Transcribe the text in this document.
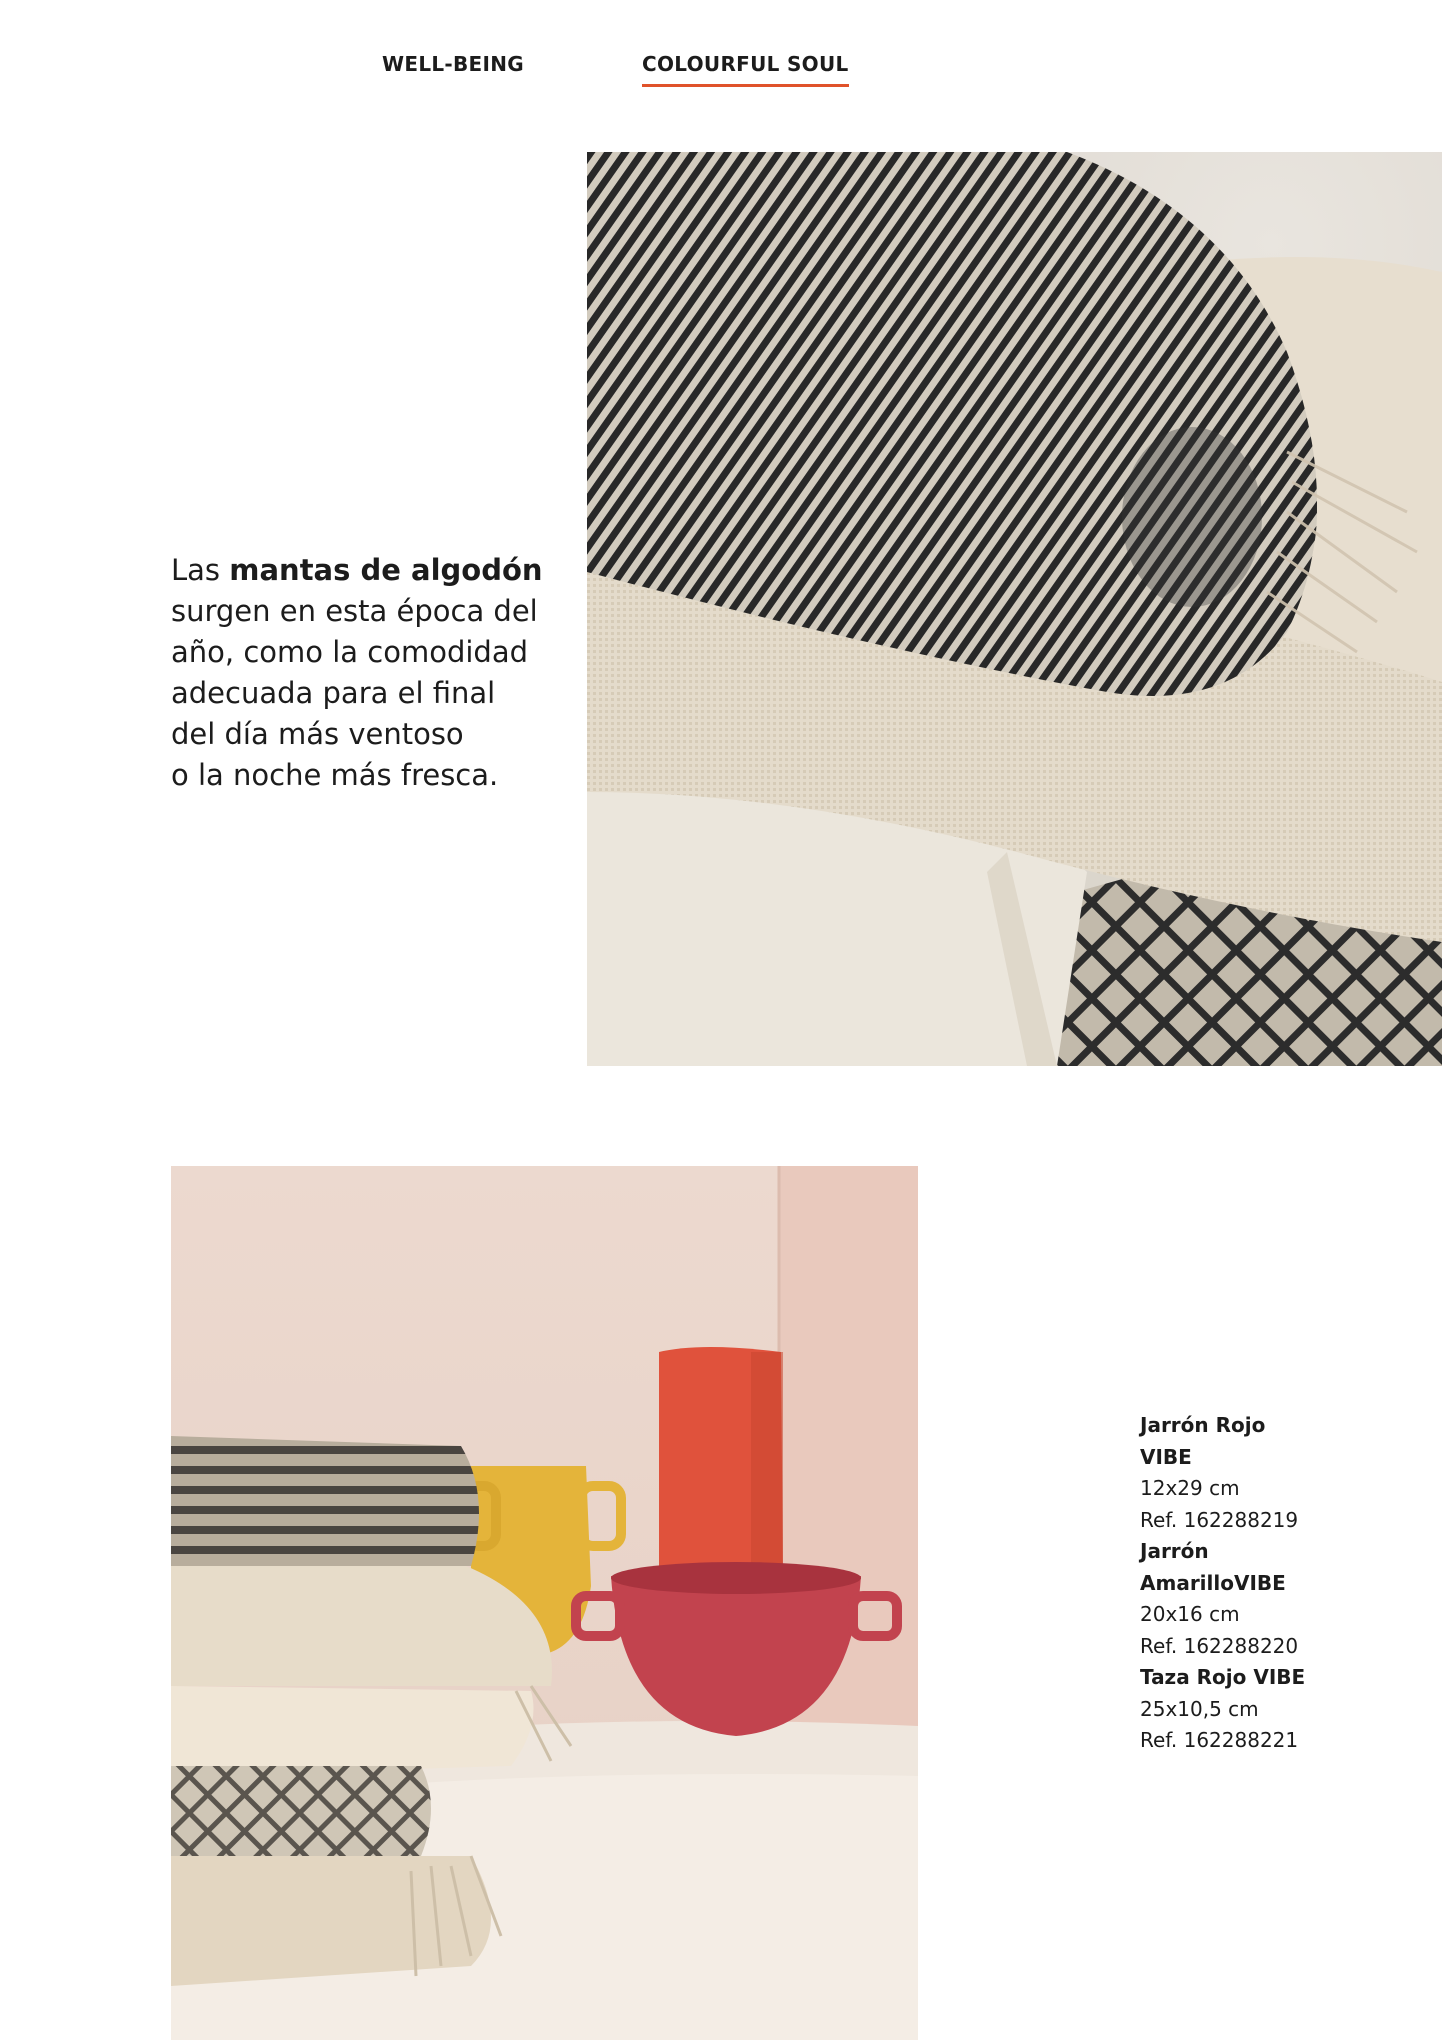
WELL-BEING	COLOURFUL SOUL
Las mantas de algodón
surgen en esta época del
año, como la comodidad
adecuada para el final
del día más ventoso
o la noche más fresca.
Jarrón Rojo
VIBE
12x29 cm
Ref. 162288219
Jarrón
AmarilloVIBE
20x16 cm
Ref. 162288220
Taza Rojo VIBE
25x10,5 cm
Ref. 162288221
